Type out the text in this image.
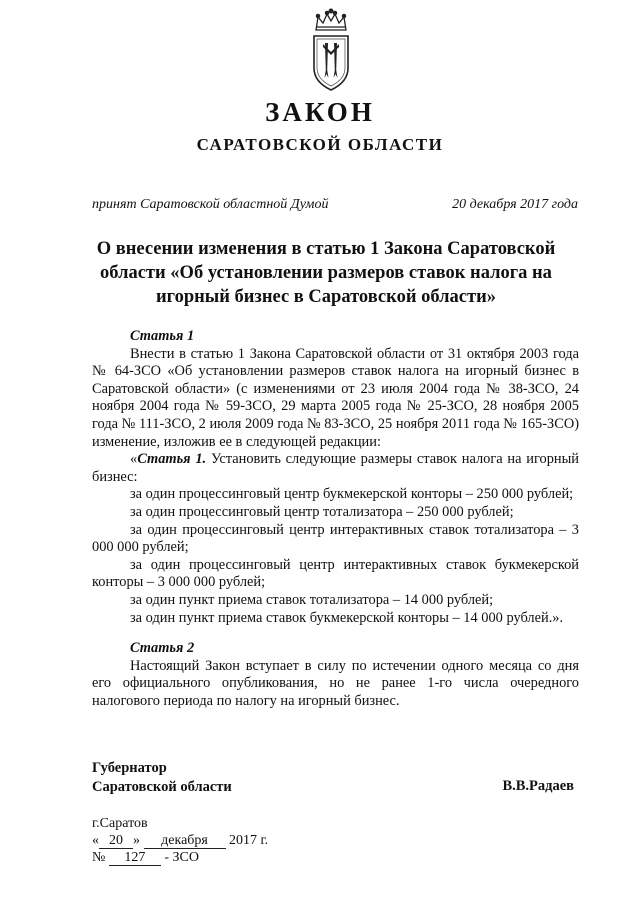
ЗАКОН
САРАТОВСКОЙ ОБЛАСТИ
принят Саратовской областной Думой	20 декабря 2017 года
О внесении изменения в статью 1 Закона Саратовской области «Об установлении размеров ставок налога на игорный бизнес в Саратовской области»

Статья 1

Внести в статью 1 Закона Саратовской области от 31 октября 2003 года № 64-ЗСО «Об установлении размеров ставок налога на игорный бизнес в Саратовской области» (с изменениями от 23 июля 2004 года № 38-ЗСО, 24 ноября 2004 года № 59-ЗСО, 29 марта 2005 года № 25-ЗСО, 28 ноября 2005 года № 111-ЗСО, 2 июля 2009 года № 83-ЗСО, 25 ноября 2011 года № 165-ЗСО) изменение, изложив ее в следующей редакции:

«Статья 1. Установить следующие размеры ставок налога на игорный бизнес:

за один процессинговый центр букмекерской конторы – 250 000 рублей;

за один процессинговый центр тотализатора – 250 000 рублей;

за один процессинговый центр интерактивных ставок тотализатора – 3 000 000 рублей;

за один процессинговый центр интерактивных ставок букмекерской конторы – 3 000 000 рублей;

за один пункт приема ставок тотализатора – 14 000 рублей;

за один пункт приема ставок букмекерской конторы – 14 000 рублей.».

Статья 2

Настоящий Закон вступает в силу по истечении одного месяца со дня его официального опубликования, но не ранее 1-го числа очередного налогового периода по налогу на игорный бизнес.

Губернатор
Саратовской области	В.В.Радаев
г.Саратов
« 20 » декабря 2017 г.
№ 127 - ЗСО
